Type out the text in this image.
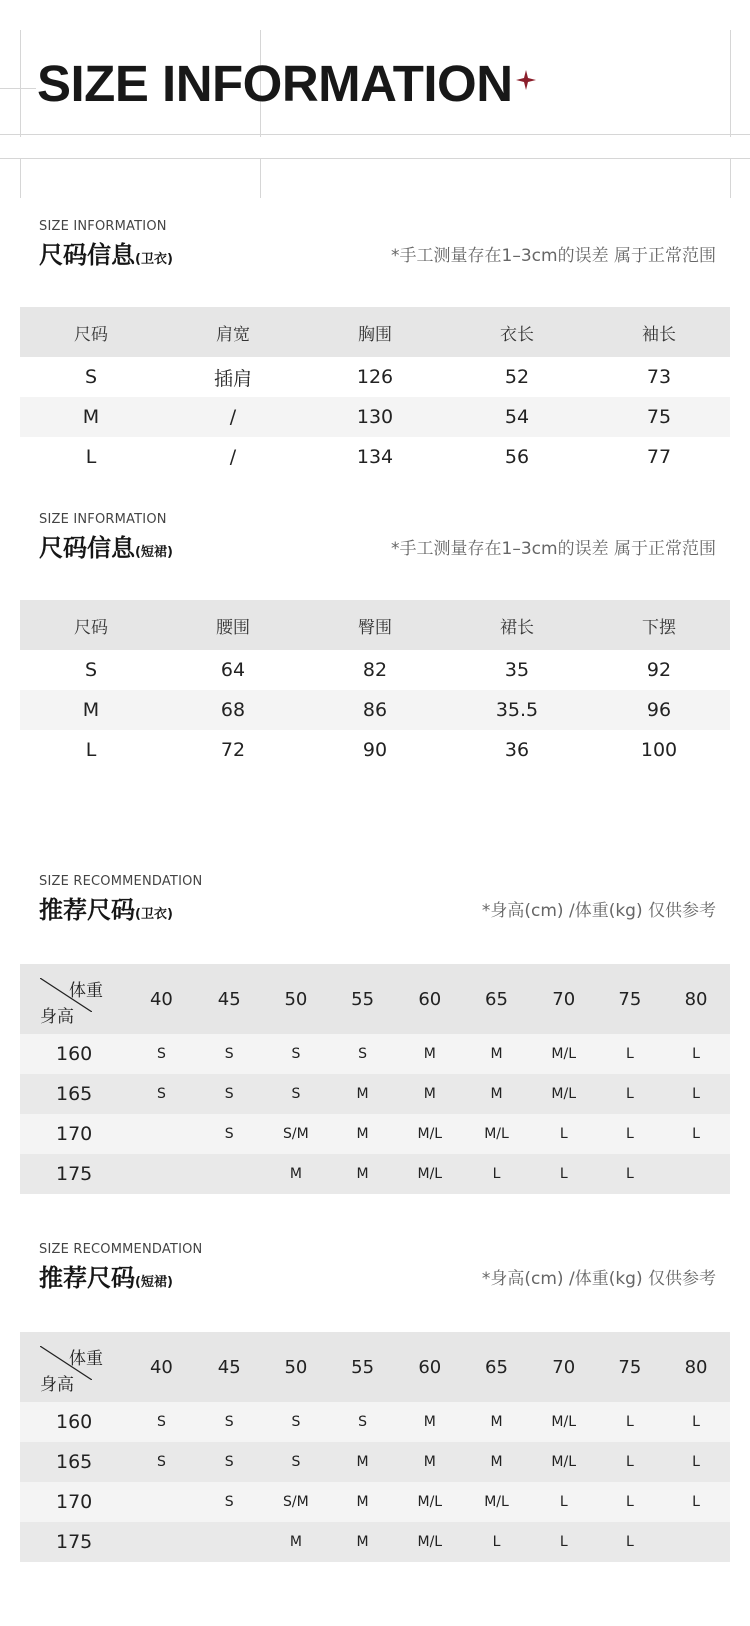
SIZE INFORMATION
SIZE INFORMATION
尺码信息(卫衣)	*手工测量存在1–3cm的误差 属于正常范围
尺码	肩宽	胸围	衣长	袖长
S	插肩	126	52	73
M	/	130	54	75
L	/	134	56	77
SIZE INFORMATION
尺码信息(短裙)	*手工测量存在1–3cm的误差 属于正常范围
尺码	腰围	臀围	裙长	下摆
S	64	82	35	92
M	68	86	35.5	96
L	72	90	36	100
SIZE RECOMMENDATION
推荐尺码(卫衣)	*身高(cm) /体重(kg) 仅供参考
体重
身高	40	45	50	55	60	65	70	75	80
160	S	S	S	S	M	M	M/L	L	L
165	S	S	S	M	M	M	M/L	L	L
170		S	S/M	M	M/L	M/L	L	L	L
175			M	M	M/L	L	L	L	
SIZE RECOMMENDATION
推荐尺码(短裙)	*身高(cm) /体重(kg) 仅供参考
体重
身高	40	45	50	55	60	65	70	75	80
160	S	S	S	S	M	M	M/L	L	L
165	S	S	S	M	M	M	M/L	L	L
170		S	S/M	M	M/L	M/L	L	L	L
175			M	M	M/L	L	L	L	
